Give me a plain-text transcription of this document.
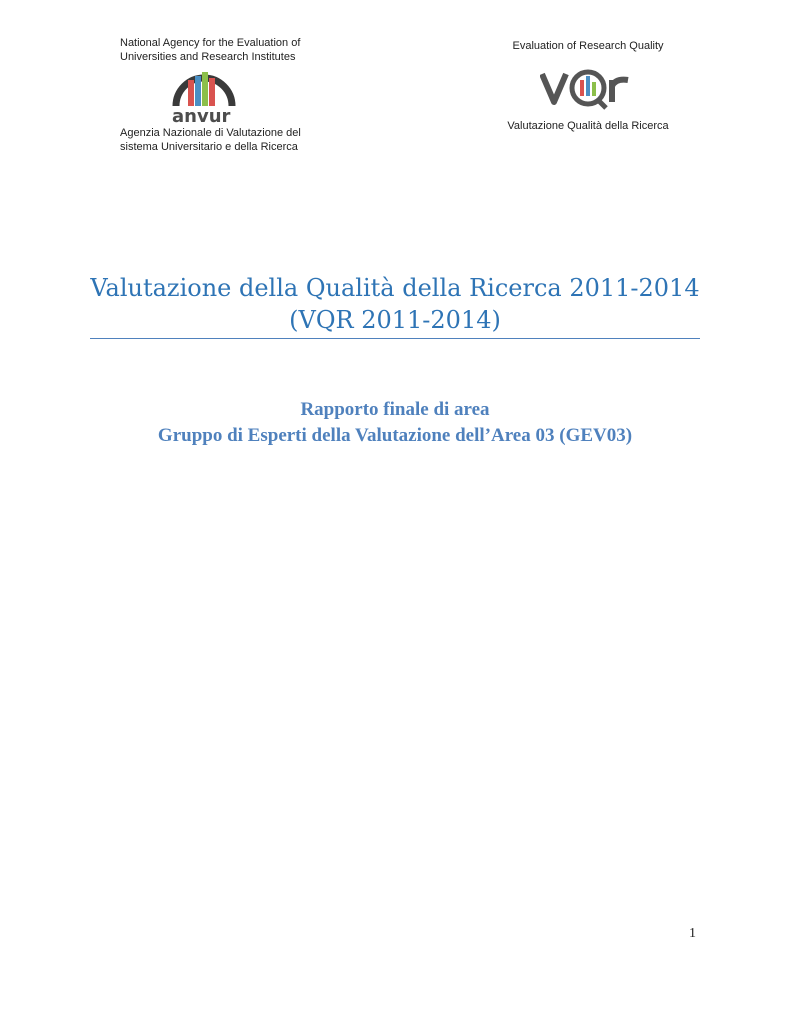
National Agency for the Evaluation of
Universities and Research Institutes
anvur
Agenzia Nazionale di Valutazione del
sistema Universitario e della Ricerca
Evaluation of Research Quality
Valutazione Qualità della Ricerca
Valutazione della Qualità della Ricerca 2011-2014
(VQR 2011-2014)
Rapporto finale di area
Gruppo di Esperti della Valutazione dell’Area 03 (GEV03)
1
